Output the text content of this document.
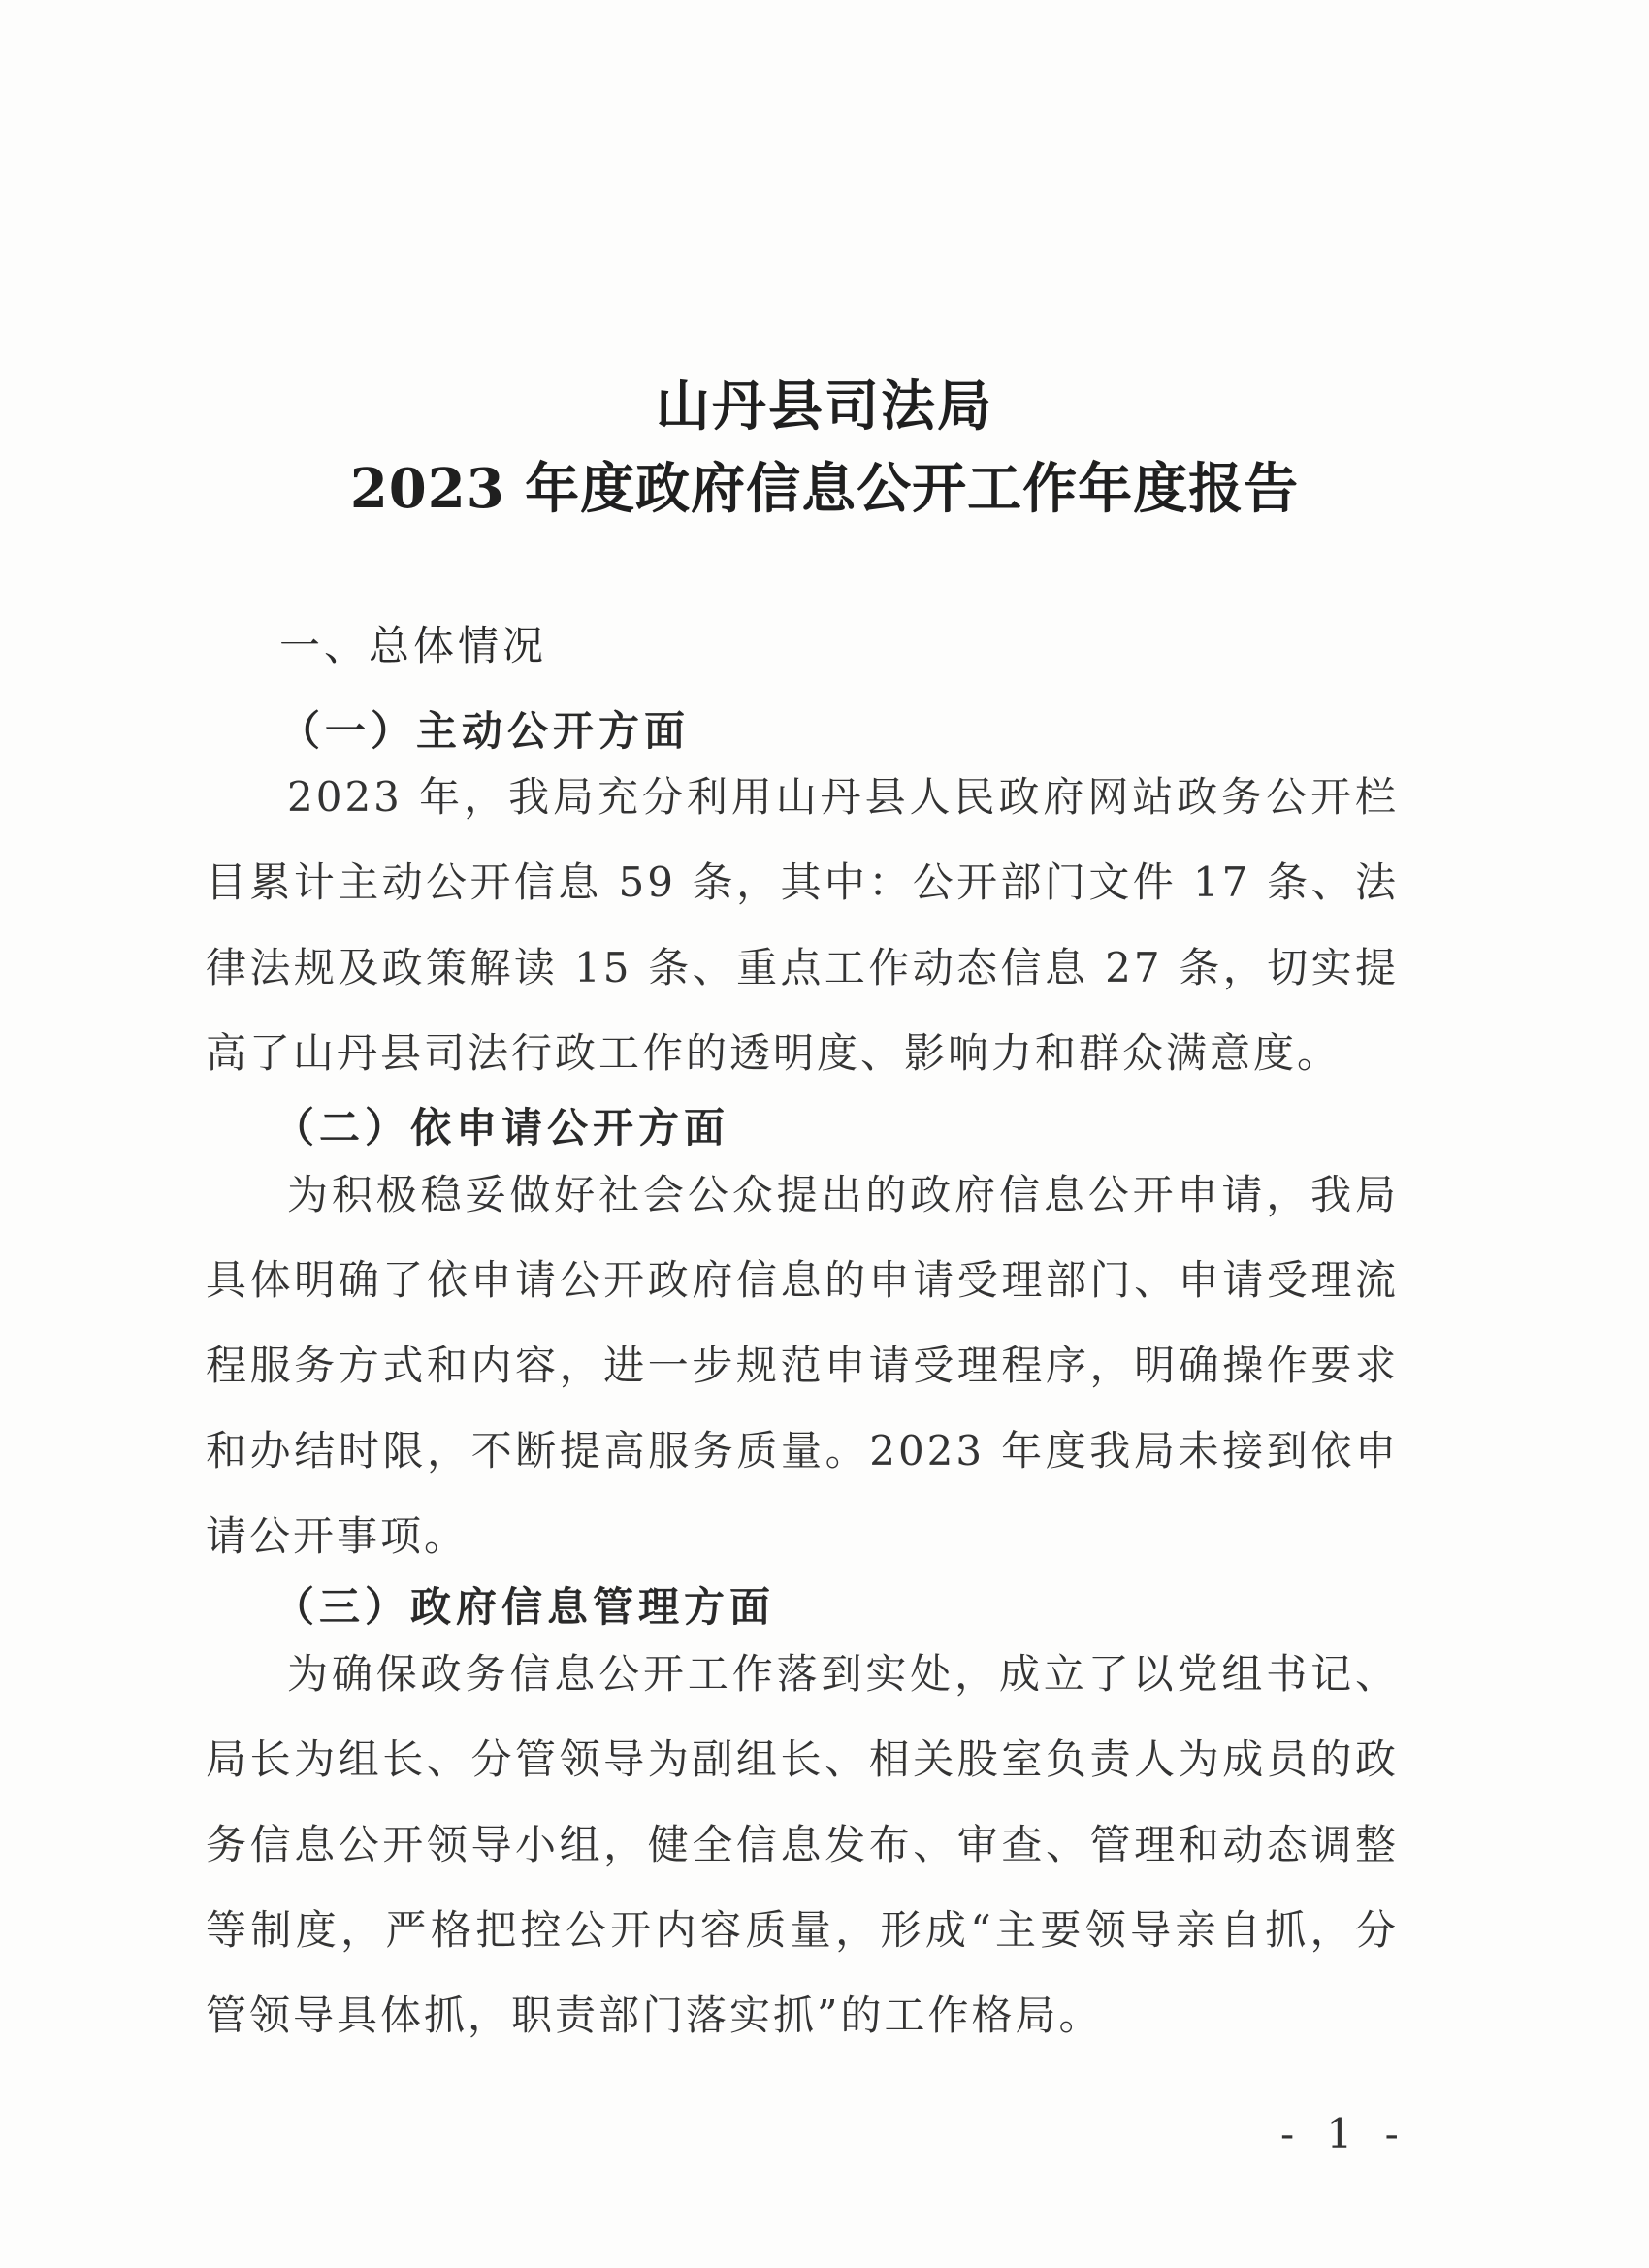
山丹县司法局
2023 年度政府信息公开工作年度报告
一、总体情况
（一）主动公开方面
2023 年，我局充分利用山丹县人民政府网站政务公开栏目累计主动公开信息 59 条，其中：公开部门文件 17 条、法律法规及政策解读 15 条、重点工作动态信息 27 条，切实提高了山丹县司法行政工作的透明度、影响力和群众满意度。
（二）依申请公开方面
为积极稳妥做好社会公众提出的政府信息公开申请，我局具体明确了依申请公开政府信息的申请受理部门、申请受理流程服务方式和内容，进一步规范申请受理程序，明确操作要求和办结时限，不断提高服务质量。2023 年度我局未接到依申请公开事项。
（三）政府信息管理方面
为确保政务信息公开工作落到实处，成立了以党组书记、局长为组长、分管领导为副组长、相关股室负责人为成员的政务信息公开领导小组，健全信息发布、审查、管理和动态调整等制度，严格把控公开内容质量，形成“主要领导亲自抓，分管领导具体抓，职责部门落实抓”的工作格局。
- 1 -
